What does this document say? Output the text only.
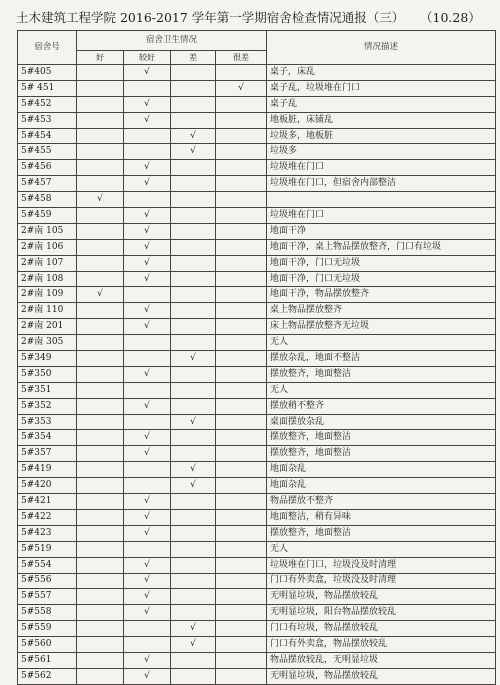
土木建筑工程学院 2016-2017 学年第一学期宿舍检查情况通报（三） （10.28）
宿舍号	宿舍卫生情况				情况描述
	好	较好	差	很差	
5#405		√			桌子，床乱
5# 451				√	桌子乱，垃圾堆在门口
5#452		√			桌子乱
5#453		√			地板脏，床铺乱
5#454			√		垃圾多，地板脏
5#455			√		垃圾多
5#456		√			垃圾堆在门口
5#457		√			垃圾堆在门口，但宿舍内部整洁
5#458	√				
5#459		√			垃圾堆在门口
2#南 105		√			地面干净
2#南 106		√			地面干净，桌上物品摆放整齐，门口有垃圾
2#南 107		√			地面干净，门口无垃圾
2#南 108		√			地面干净，门口无垃圾
2#南 109	√				地面干净，物品摆放整齐
2#南 110		√			桌上物品摆放整齐
2#南 201		√			床上物品摆放整齐无垃圾
2#南 305					无人
5#349			√		摆放杂乱，地面不整洁
5#350		√			摆放整齐，地面整洁
5#351					无人
5#352		√			摆放稍不整齐
5#353			√		桌面摆放杂乱
5#354		√			摆放整齐，地面整洁
5#357		√			摆放整齐，地面整洁
5#419			√		地面杂乱
5#420			√		地面杂乱
5#421		√			物品摆放不整齐
5#422		√			地面整洁，稍有异味
5#423		√			摆放整齐，地面整洁
5#519					无人
5#554		√			垃圾堆在门口，垃圾没及时清理
5#556		√			门口有外卖盒，垃圾没及时清理
5#557		√			无明显垃圾，物品摆放较乱
5#558		√			无明显垃圾，阳台物品摆放较乱
5#559			√		门口有垃圾，物品摆放较乱
5#560			√		门口有外卖盒，物品摆放较乱
5#561		√			物品摆放较乱，无明显垃圾
5#562		√			无明显垃圾，物品摆放较乱
